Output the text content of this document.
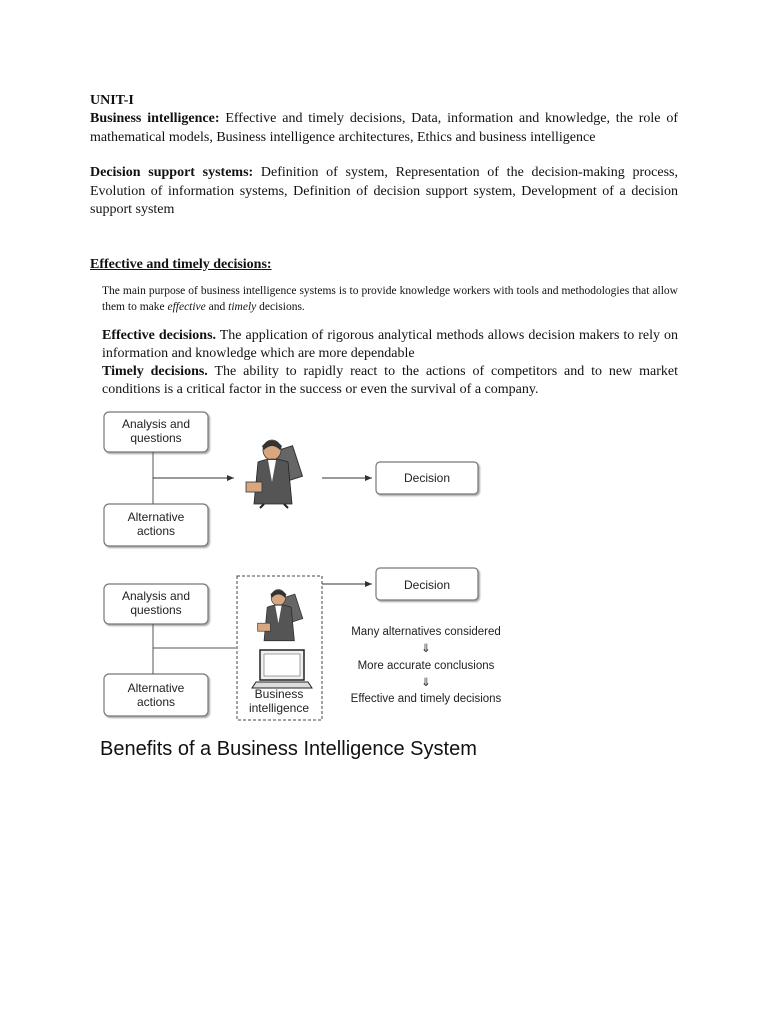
UNIT-I

Business intelligence: Effective and timely decisions, Data, information and knowledge, the role of mathematical models, Business intelligence architectures, Ethics and business intelligence

Decision support systems: Definition of system, Representation of the decision-making process, Evolution of information systems, Definition of decision support system, Development of a decision support system

Effective and timely decisions:

The main purpose of business intelligence systems is to provide knowledge workers with tools and methodologies that allow them to make effective and timely decisions.

Effective decisions. The application of rigorous analytical methods allows decision makers to rely on information and knowledge which are more dependable

Timely decisions. The ability to rapidly react to the actions of competitors and to new market conditions is a critical factor in the success or even the survival of a company.

Analysis and
questions
Alternative
actions
Decision
Analysis and
questions
Alternative
actions
Business
intelligence
Decision
Many alternatives considered
⇓
More accurate conclusions
⇓
Effective and timely decisions
Benefits of a Business Intelligence System
